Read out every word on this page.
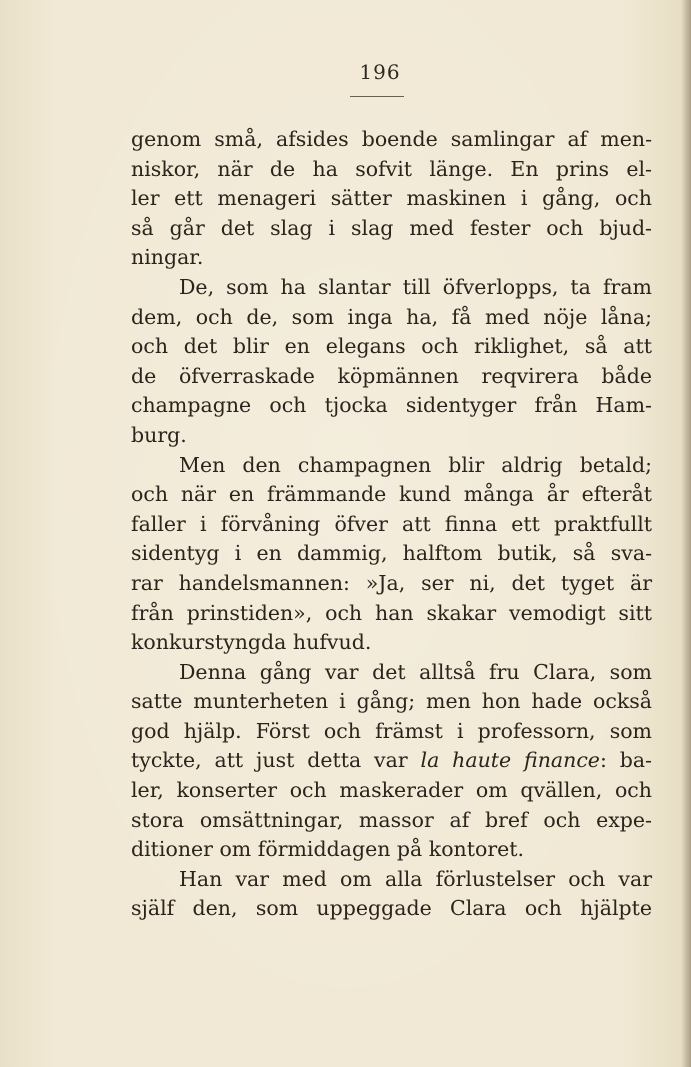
196
genom små, afsides boende samlingar af men-
niskor, när de ha sofvit länge. En prins el-
ler ett menageri sätter maskinen i gång, och
så går det slag i slag med fester och bjud-
ningar.
De, som ha slantar till öfverlopps, ta fram
dem, och de, som inga ha, få med nöje låna;
och det blir en elegans och riklighet, så att
de öfverraskade köpmännen reqvirera både
champagne och tjocka sidentyger från Ham-
burg.
Men den champagnen blir aldrig betald;
och när en främmande kund många år efteråt
faller i förvåning öfver att finna ett praktfullt
sidentyg i en dammig, halftom butik, så sva-
rar handelsmannen: »Ja, ser ni, det tyget är
från prinstiden», och han skakar vemodigt sitt
konkurstyngda hufvud.
Denna gång var det alltså fru Clara, som
satte munterheten i gång; men hon hade också
god hjälp. Först och främst i professorn, som
tyckte, att just detta var la haute finance: ba-
ler, konserter och maskerader om qvällen, och
stora omsättningar, massor af bref och expe-
ditioner om förmiddagen på kontoret.
Han var med om alla förlustelser och var
själf den, som uppeggade Clara och hjälpte
